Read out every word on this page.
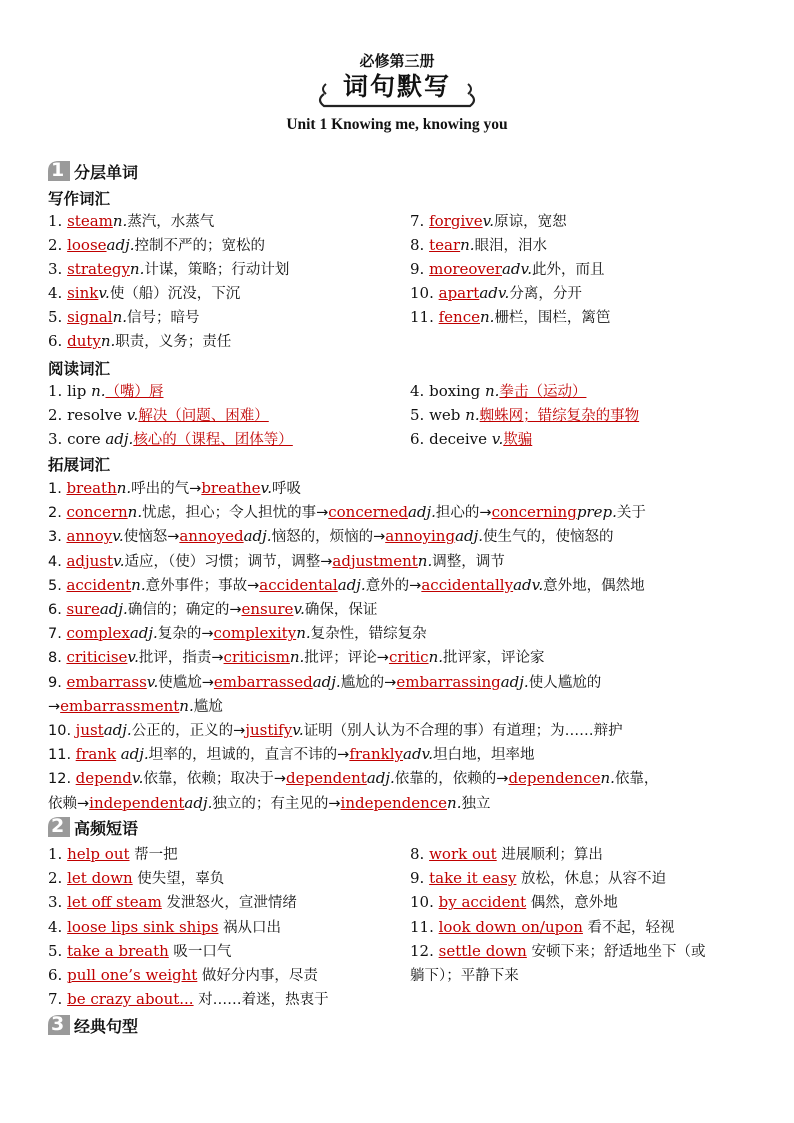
必修第三册
词句默写
Unit 1 Knowing me, knowing you
1 分层单词
写作词汇
1. steamn.蒸汽，水蒸气
2. looseadj.控制不严的；宽松的
3. strategyn.计谋，策略；行动计划
4. sinkv.使（船）沉没，下沉
5. signaln.信号；暗号
6. dutyn.职责，义务；责任
7. forgivev.原谅，宽恕
8. tearn.眼泪，泪水
9. moreoveradv.此外，而且
10. apartadv.分离，分开
11. fencen.栅栏，围栏，篱笆
阅读词汇
1. lip n.（嘴）唇
2. resolve v.解决（问题、困难）
3. core adj.核心的（课程、团体等）
4. boxing n.拳击（运动）
5. web n.蜘蛛网；错综复杂的事物
6. deceive v.欺骗
拓展词汇
1. breathn.呼出的气→breathev.呼吸
2. concernn.忧虑，担心；令人担忧的事→concernedadj.担心的→concerningprep.关于
3. annoyv.使恼怒→annoyedadj.恼怒的，烦恼的→annoyingadj.使生气的，使恼怒的
4. adjustv.适应，（使）习惯；调节，调整→adjustmentn.调整，调节
5. accidentn.意外事件；事故→accidentaladj.意外的→accidentallyadv.意外地，偶然地
6. sureadj.确信的；确定的→ensurev.确保，保证
7. complexadj.复杂的→complexityn.复杂性，错综复杂
8. criticisev.批评，指责→criticismn.批评；评论→criticn.批评家，评论家
9. embarrassv.使尴尬→embarrassedadj.尴尬的→embarrassingadj.使人尴尬的
→embarrassmentn.尴尬
10. justadj.公正的，正义的→justifyv.证明（别人认为不合理的事）有道理；为……辩护
11. frank adj.坦率的，坦诚的，直言不讳的→franklyadv.坦白地，坦率地
12. dependv.依靠，依赖；取决于→dependentadj.依靠的，依赖的→dependencen.依靠，
依赖→independentadj.独立的；有主见的→independencen.独立
2 高频短语
1. help out 帮一把
2. let down 使失望，辜负
3. let off steam 发泄怒火，宣泄情绪
4. loose lips sink ships 祸从口出
5. take a breath 吸一口气
6. pull one’s weight 做好分内事，尽责
7. be crazy about... 对……着迷，热衷于
8. work out 进展顺利；算出
9. take it easy 放松，休息；从容不迫
10. by accident 偶然，意外地
11. look down on/upon 看不起，轻视
12. settle down 安顿下来；舒适地坐下（或
躺下）；平静下来
3 经典句型
